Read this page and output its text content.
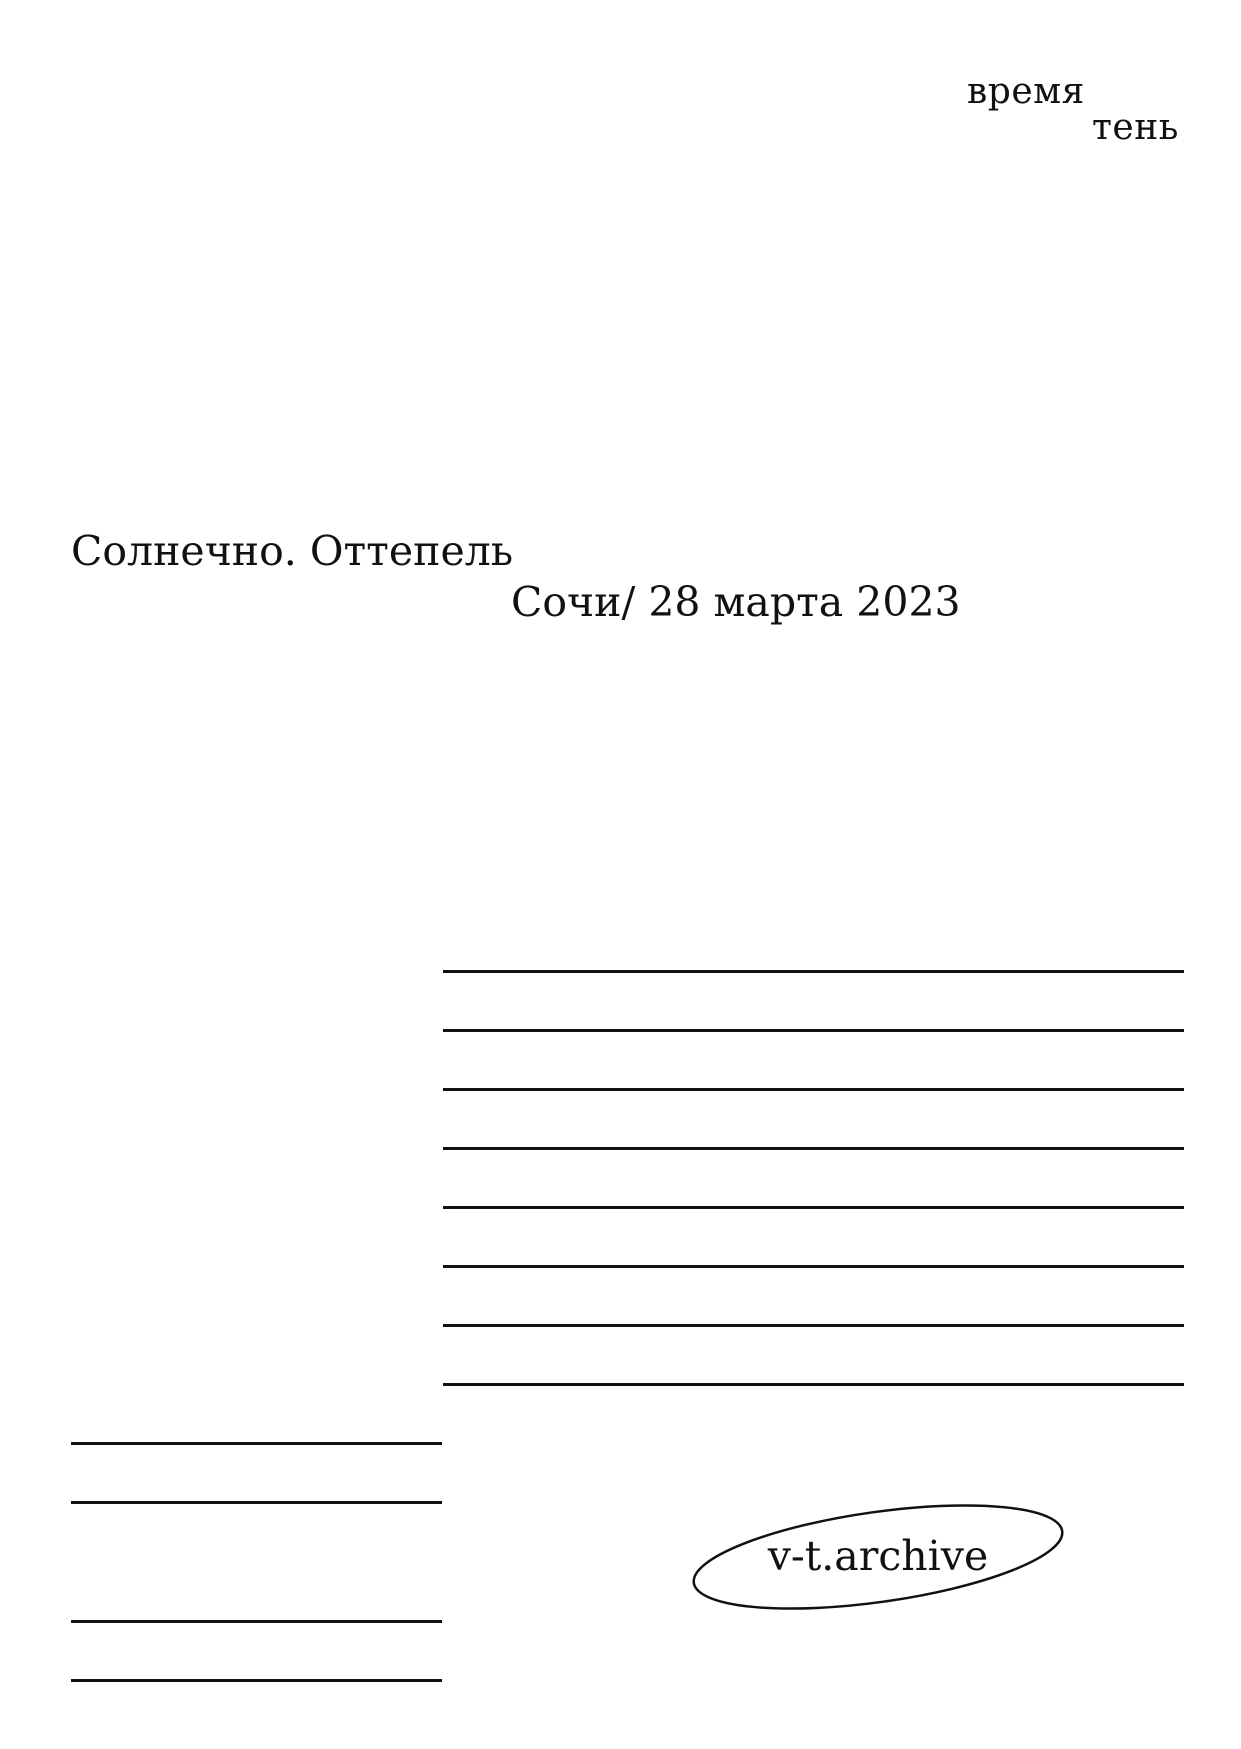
время
тень
Солнечно. Оттепель
Сочи/ 28 марта 2023
v-t.archive
